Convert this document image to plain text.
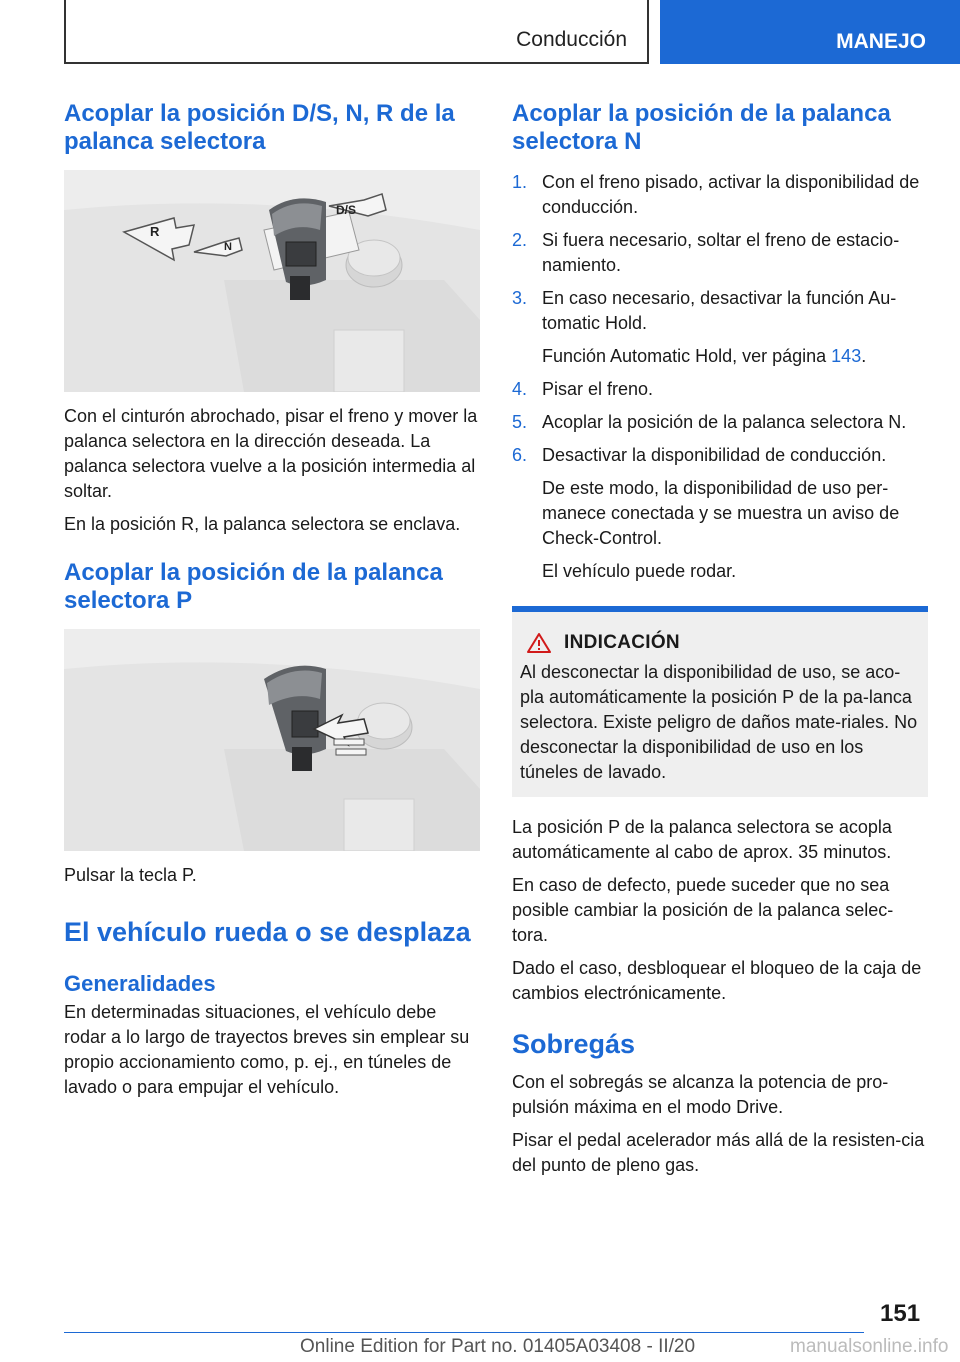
Conducción	MANEJO
Acoplar la posición D/S, N, R de la palanca selectora
R
N
D/S

Con el cinturón abrochado, pisar el freno y mover la palanca selectora en la dirección deseada. La palanca selectora vuelve a la posición intermedia al soltar.

En la posición R, la palanca selectora se enclava.

Acoplar la posición de la palanca selectora P

Pulsar la tecla P.

El vehículo rueda o se desplaza
Generalidades

En determinadas situaciones, el vehículo debe rodar a lo largo de trayectos breves sin emplear su propio accionamiento como, p. ej., en túneles de lavado o para empujar el vehículo.

Acoplar la posición de la palanca selectora N
1. Con el freno pisado, activar la disponibilidad de conducción.
2. Si fuera necesario, soltar el freno de estacio-namiento.
3. En caso necesario, desactivar la función Au-tomatic Hold.
Función Automatic Hold, ver página 143.
4. Pisar el freno.
5. Acoplar la posición de la palanca selectora N.
6. Desactivar la disponibilidad de conducción.
De este modo, la disponibilidad de uso per-manece conectada y se muestra un aviso de Check-Control.
El vehículo puede rodar.
INDICACIÓN

Al desconectar la disponibilidad de uso, se aco-pla automáticamente la posición P de la pa-lanca selectora. Existe peligro de daños mate-riales. No desconectar la disponibilidad de uso en los túneles de lavado.

La posición P de la palanca selectora se acopla automáticamente al cabo de aprox. 35 minutos.

En caso de defecto, puede suceder que no sea posible cambiar la posición de la palanca selec-tora.

Dado el caso, desbloquear el bloqueo de la caja de cambios electrónicamente.

Sobregás

Con el sobregás se alcanza la potencia de pro-pulsión máxima en el modo Drive.

Pisar el pedal acelerador más allá de la resisten-cia del punto de pleno gas.

151
Online Edition for Part no. 01405A03408 - II/20	manualsonline.info
